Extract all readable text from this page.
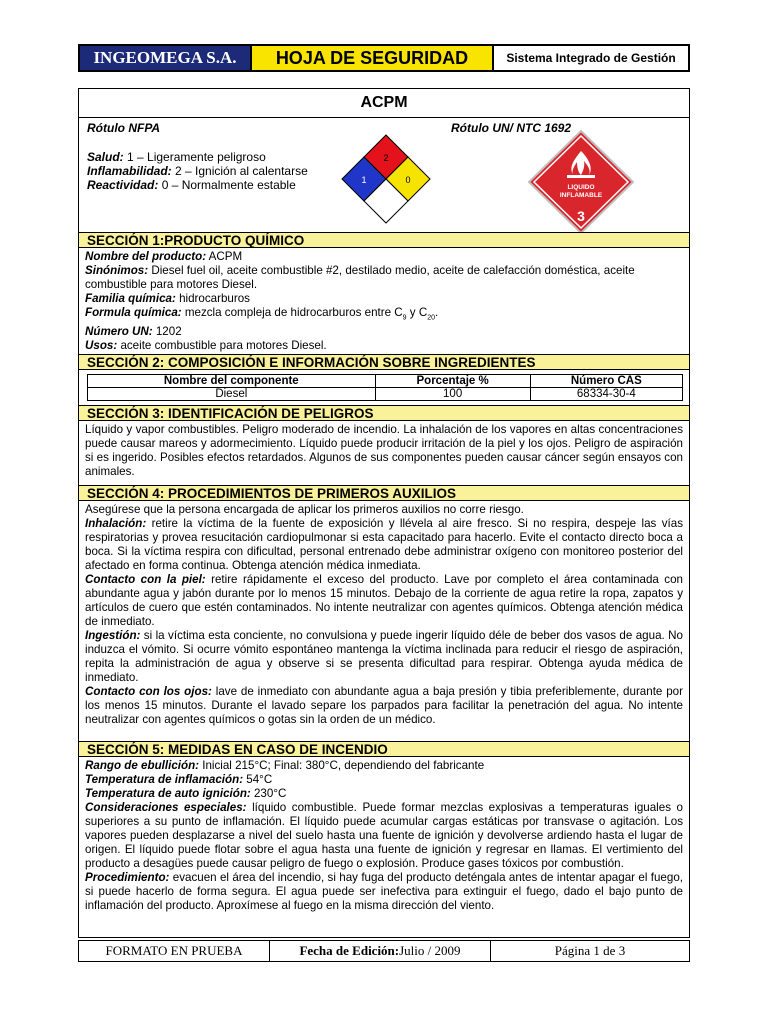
INGEOMEGA S.A.	HOJA DE SEGURIDAD	Sistema Integrado de Gestión
ACPM
Rótulo NFPA	Rótulo UN/ NTC 1692
Salud: 1 – Ligeramente peligroso
Inflamabilidad: 2 – Ignición al calentarse
Reactividad: 0 – Normalmente estable
2
1	0
LIQUIDO
INFLAMABLE
3
SECCIÓN 1:PRODUCTO QUÍMICO

Nombre del producto: ACPM

Sinónimos: Diesel fuel oil, aceite combustible #2, destilado medio, aceite de calefacción doméstica, aceite combustible para motores Diesel.

Familia química: hidrocarburos

Formula química: mezcla compleja de hidrocarburos entre $C_9$ y $C_{20}$.

Número UN: 1202

Usos: aceite combustible para motores Diesel.

SECCIÓN 2: COMPOSICIÓN E INFORMACIÓN SOBRE INGREDIENTES
Nombre del componente	Porcentaje %	Número CAS
Diesel	100	68334-30-4
SECCIÓN 3: IDENTIFICACIÓN DE PELIGROS

Líquido y vapor combustibles. Peligro moderado de incendio. La inhalación de los vapores en altas concentraciones puede causar mareos y adormecimiento. Líquido puede producir irritación de la piel y los ojos. Peligro de aspiración si es ingerido. Posibles efectos retardados. Algunos de sus componentes pueden causar cáncer según ensayos con animales.

SECCIÓN 4: PROCEDIMIENTOS DE PRIMEROS AUXILIOS

Asegúrese que la persona encargada de aplicar los primeros auxilios no corre riesgo.

Inhalación: retire la víctima de la fuente de exposición y llévela al aire fresco. Si no respira, despeje las vías respiratorias y provea resucitación cardiopulmonar si esta capacitado para hacerlo. Evite el contacto directo boca a boca. Si la víctima respira con dificultad, personal entrenado debe administrar oxígeno con monitoreo posterior del afectado en forma continua. Obtenga atención médica inmediata.

Contacto con la piel: retire rápidamente el exceso del producto. Lave por completo el área contaminada con abundante agua y jabón durante por lo menos 15 minutos. Debajo de la corriente de agua retire la ropa, zapatos y artículos de cuero que estén contaminados. No intente neutralizar con agentes químicos. Obtenga atención médica de inmediato.

Ingestión: si la víctima esta conciente, no convulsiona y puede ingerir líquido déle de beber dos vasos de agua. No induzca el vómito. Si ocurre vómito espontáneo mantenga la víctima inclinada para reducir el riesgo de aspiración, repita la administración de agua y observe si se presenta dificultad para respirar. Obtenga ayuda médica de inmediato.

Contacto con los ojos: lave de inmediato con abundante agua a baja presión y tibia preferiblemente, durante por los menos 15 minutos. Durante el lavado separe los parpados para facilitar la penetración del agua. No intente neutralizar con agentes químicos o gotas sin la orden de un médico.

SECCIÓN 5: MEDIDAS EN CASO DE INCENDIO

Rango de ebullición: Inicial 215°C; Final: 380°C, dependiendo del fabricante

Temperatura de inflamación: 54°C

Temperatura de auto ignición: 230°C

Consideraciones especiales: líquido combustible. Puede formar mezclas explosivas a temperaturas iguales o superiores a su punto de inflamación. El líquido puede acumular cargas estáticas por transvase o agitación. Los vapores pueden desplazarse a nivel del suelo hasta una fuente de ignición y devolverse ardiendo hasta el lugar de origen. El líquido puede flotar sobre el agua hasta una fuente de ignición y regresar en llamas. El vertimiento del producto a desagües puede causar peligro de fuego o explosión. Produce gases tóxicos por combustión.

Procedimiento: evacuen el área del incendio, si hay fuga del producto deténgala antes de intentar apagar el fuego, si puede hacerlo de forma segura. El agua puede ser inefectiva para extinguir el fuego, dado el bajo punto de inflamación del producto. Aproxímese al fuego en la misma dirección del viento.

FORMATO EN PRUEBA	Fecha de Edición: Julio / 2009	Página 1 de 3
